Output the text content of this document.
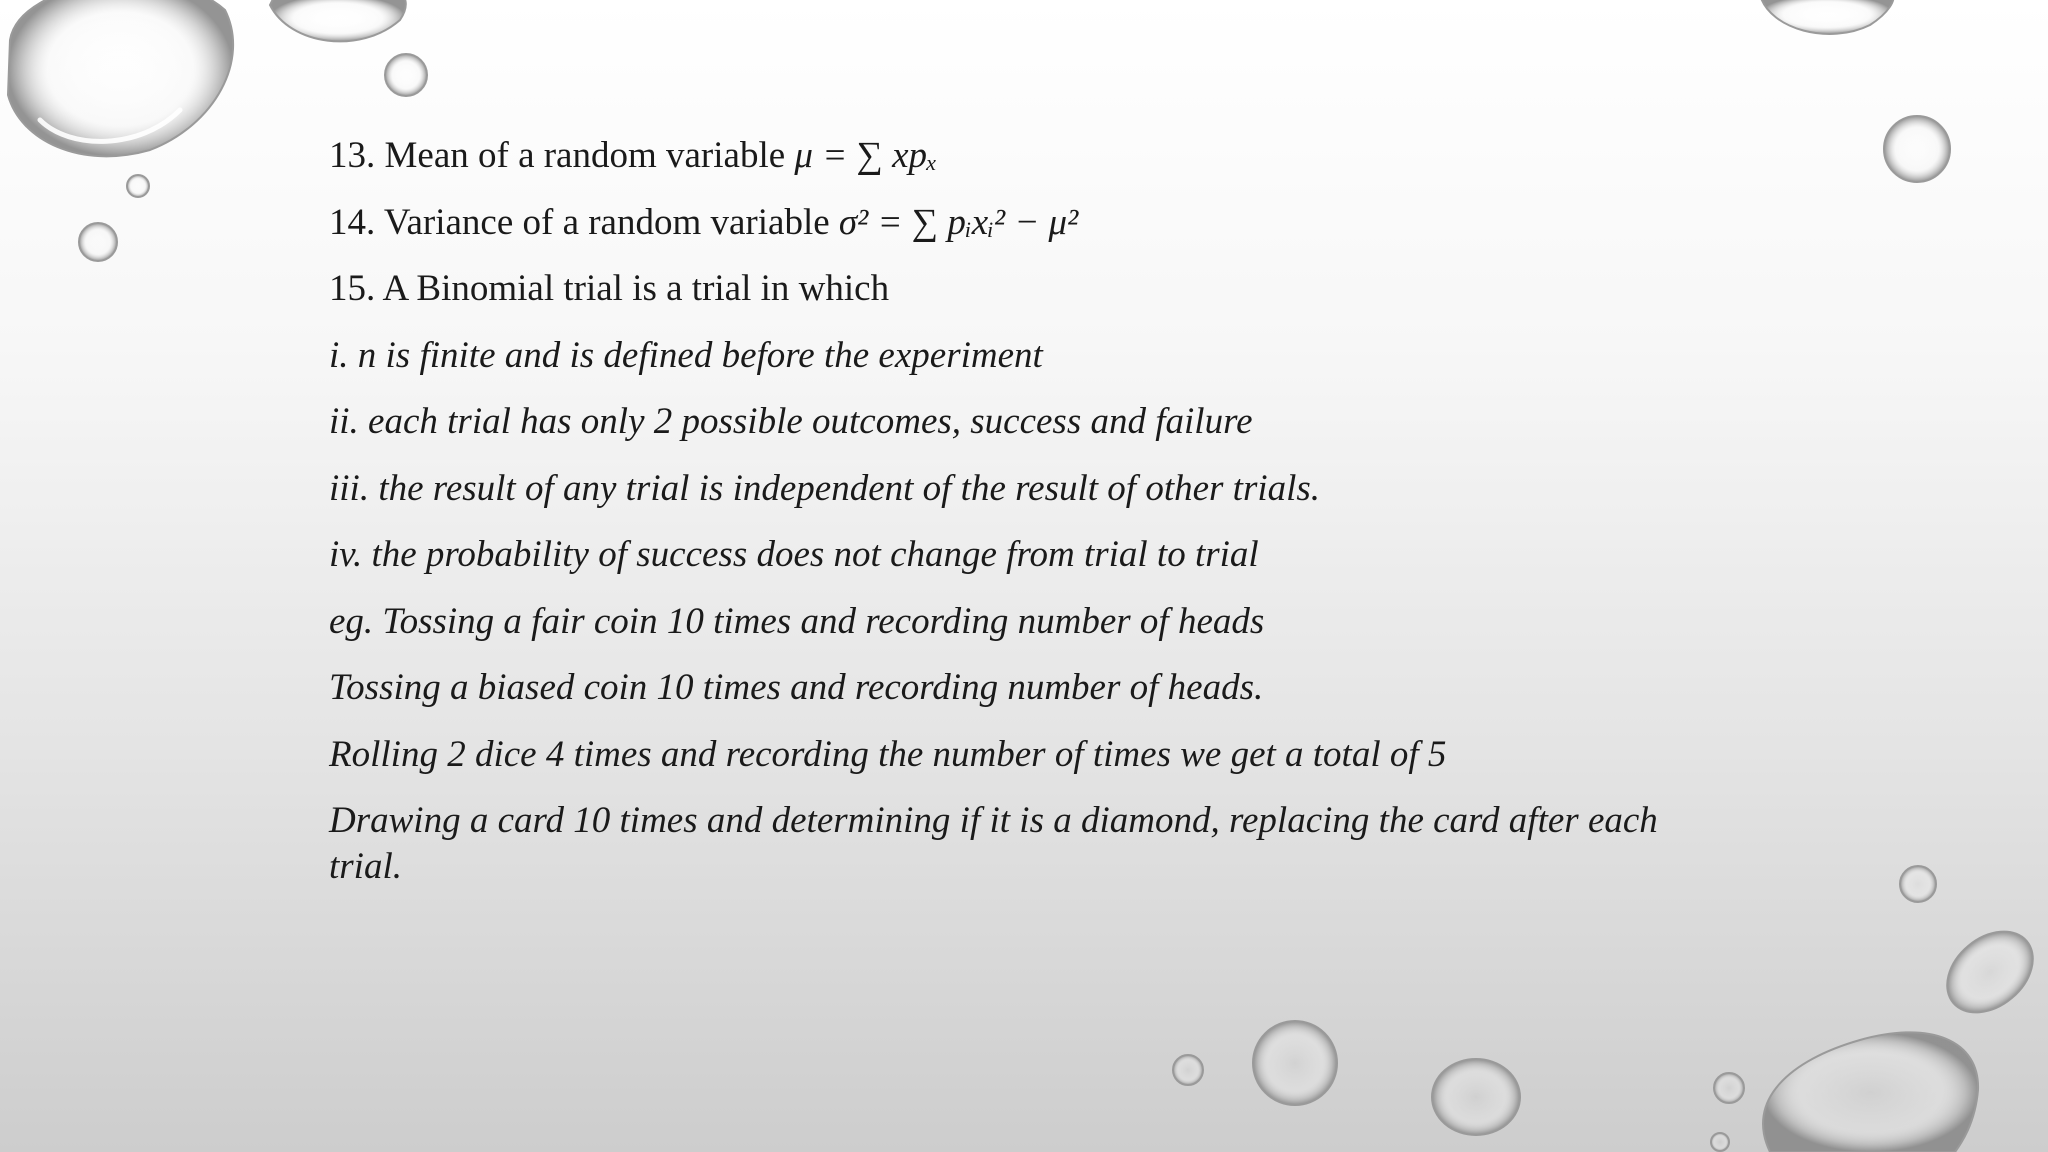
13. Mean of a random variable μ = ∑ xpₓ

14. Variance of a random variable σ² = ∑ pᵢxᵢ² − μ²

15. A Binomial trial is a trial in which

i. n is finite and is defined before the experiment

ii. each trial has only 2 possible outcomes, success and failure

iii. the result of any trial is independent of the result of other trials.

iv. the probability of success does not change from trial to trial

eg. Tossing a fair coin 10 times and recording number of heads

Tossing a biased coin 10 times and recording number of heads.

Rolling 2 dice 4 times and recording the number of times we get a total of 5

Drawing a card 10 times and determining if it is a diamond, replacing the card after each trial.
